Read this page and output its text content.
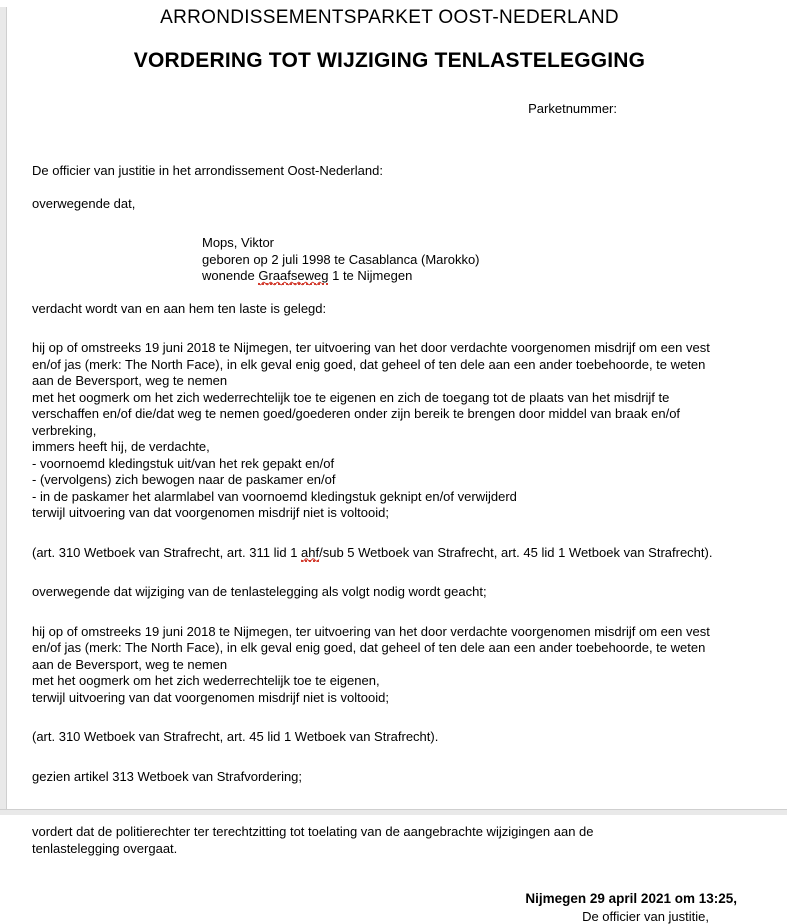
ARRONDISSEMENTSPARKET OOST-NEDERLAND
VORDERING TOT WIJZIGING TENLASTELEGGING
Parketnummer:

De officier van justitie in het arrondissement Oost-Nederland:

overwegende dat,

Mops, Viktor

geboren op 2 juli 1998 te Casablanca (Marokko)

wonende Graafseweg 1 te Nijmegen

verdacht wordt van en aan hem ten laste is gelegd:

hij op of omstreeks 19 juni 2018 te Nijmegen, ter uitvoering van het door verdachte voorgenomen misdrijf om een vest

en/of jas (merk: The North Face), in elk geval enig goed, dat geheel of ten dele aan een ander toebehoorde, te weten

aan de Beversport, weg te nemen

met het oogmerk om het zich wederrechtelijk toe te eigenen en zich de toegang tot de plaats van het misdrijf te

verschaffen en/of die/dat weg te nemen goed/goederen onder zijn bereik te brengen door middel van braak en/of

verbreking,

immers heeft hij, de verdachte,

- voornoemd kledingstuk uit/van het rek gepakt en/of

- (vervolgens) zich bewogen naar de paskamer en/of

- in de paskamer het alarmlabel van voornoemd kledingstuk geknipt en/of verwijderd

terwijl uitvoering van dat voorgenomen misdrijf niet is voltooid;

(art. 310 Wetboek van Strafrecht, art. 311 lid 1 ahf/sub 5 Wetboek van Strafrecht, art. 45 lid 1 Wetboek van Strafrecht).

overwegende dat wijziging van de tenlastelegging als volgt nodig wordt geacht;

hij op of omstreeks 19 juni 2018 te Nijmegen, ter uitvoering van het door verdachte voorgenomen misdrijf om een vest

en/of jas (merk: The North Face), in elk geval enig goed, dat geheel of ten dele aan een ander toebehoorde, te weten

aan de Beversport, weg te nemen

met het oogmerk om het zich wederrechtelijk toe te eigenen,

terwijl uitvoering van dat voorgenomen misdrijf niet is voltooid;

(art. 310 Wetboek van Strafrecht, art. 45 lid 1 Wetboek van Strafrecht).

gezien artikel 313 Wetboek van Strafvordering;

vordert dat de politierechter ter terechtzitting tot toelating van de aangebrachte wijzigingen aan de

tenlastelegging overgaat.

Nijmegen 29 april 2021 om 13:25,
De officier van justitie,
